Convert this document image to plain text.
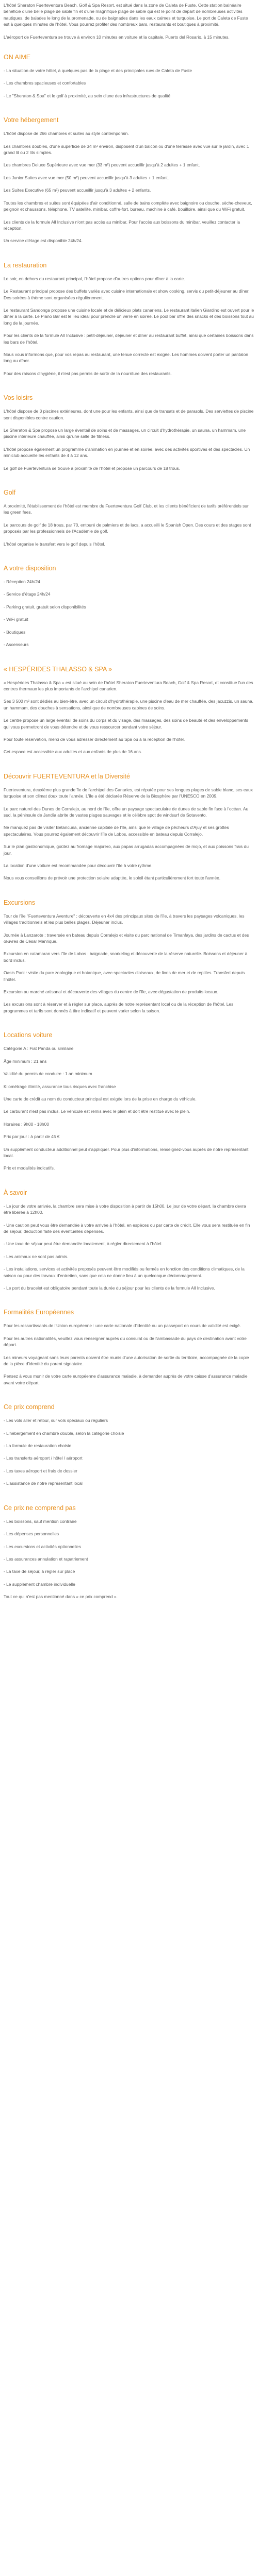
L'hôtel Sheraton Fuerteventura Beach, Golf & Spa Resort, est situé dans la zone de Caleta de Fuste. Cette station balnéaire bénéficie d'une belle plage de sable fin et d'une magnifique plage de sable qui est le point de départ de nombreuses activités nautiques, de balades le long de la promenade, ou de baignades dans les eaux calmes et turquoise. Le port de Caleta de Fuste est à quelques minutes de l'hôtel. Vous pourrez profiter des nombreux bars, restaurants et boutiques à proximité.

L'aéroport de Fuerteventura se trouve à environ 10 minutes en voiture et la capitale, Puerto del Rosario, à 15 minutes.

ON AIME

- La situation de votre hôtel, à quelques pas de la plage et des principales rues de Caleta de Fuste

- Les chambres spacieuses et confortables

- Le "Sheraton & Spa" et le golf à proximité, au sein d'une des infrastructures de qualité

Votre hébergement

L'hôtel dispose de 266 chambres et suites au style contemporain.

Les chambres doubles, d'une superficie de 34 m² environ, disposent d'un balcon ou d'une terrasse avec vue sur le jardin, avec 1 grand lit ou 2 lits simples.

Les chambres Deluxe Supérieure avec vue mer (33 m²) peuvent accueillir jusqu'à 2 adultes + 1 enfant.

Les Junior Suites avec vue mer (50 m²) peuvent accueillir jusqu'à 3 adultes + 1 enfant.

Les Suites Executive (65 m²) peuvent accueillir jusqu'à 3 adultes + 2 enfants.

Toutes les chambres et suites sont équipées d'air conditionné, salle de bains complète avec baignoire ou douche, sèche-cheveux, peignoir et chaussons, téléphone, TV satellite, minibar, coffre-fort, bureau, machine à café, bouilloire, ainsi que du WiFi gratuit.

Les clients de la formule All Inclusive n'ont pas accès au minibar. Pour l'accès aux boissons du minibar, veuillez contacter la réception.

Un service d'étage est disponible 24h/24.

La restauration

Le soir, en dehors du restaurant principal, l'hôtel propose d'autres options pour dîner à la carte.

Le Restaurant principal propose des buffets variés avec cuisine internationale et show cooking, servis du petit-déjeuner au dîner. Des soirées à thème sont organisées régulièrement.

Le restaurant Sandonga propose une cuisine locale et de délicieux plats canariens. Le restaurant italien Giardino est ouvert pour le dîner à la carte. Le Piano Bar est le lieu idéal pour prendre un verre en soirée. Le pool bar offre des snacks et des boissons tout au long de la journée.

Pour les clients de la formule All Inclusive : petit-déjeuner, déjeuner et dîner au restaurant buffet, ainsi que certaines boissons dans les bars de l'hôtel.

Nous vous informons que, pour vos repas au restaurant, une tenue correcte est exigée. Les hommes doivent porter un pantalon long au dîner.

Pour des raisons d'hygiène, il n'est pas permis de sortir de la nourriture des restaurants.

Vos loisirs

L'hôtel dispose de 3 piscines extérieures, dont une pour les enfants, ainsi que de transats et de parasols. Des serviettes de piscine sont disponibles contre caution.

Le Sheraton & Spa propose un large éventail de soins et de massages, un circuit d'hydrothérapie, un sauna, un hammam, une piscine intérieure chauffée, ainsi qu'une salle de fitness.

L'hôtel propose également un programme d'animation en journée et en soirée, avec des activités sportives et des spectacles. Un miniclub accueille les enfants de 4 à 12 ans.

Le golf de Fuerteventura se trouve à proximité de l'hôtel et propose un parcours de 18 trous.

Golf

A proximité, l'établissement de l'hôtel est membre du Fuerteventura Golf Club, et les clients bénéficient de tarifs préférentiels sur les green fees.

Le parcours de golf de 18 trous, par 70, entouré de palmiers et de lacs, a accueilli le Spanish Open. Des cours et des stages sont proposés par les professionnels de l'Académie de golf.

L'hôtel organise le transfert vers le golf depuis l'hôtel.

A votre disposition

- Réception 24h/24

- Service d'étage 24h/24

- Parking gratuit, gratuit selon disponibilités

- WiFi gratuit

- Boutiques

- Ascenseurs

« HESPÉRIDES THALASSO & SPA »

« Hespérides Thalasso & Spa » est situé au sein de l'hôtel Sheraton Fuerteventura Beach, Golf & Spa Resort, et constitue l'un des centres thermaux les plus importants de l'archipel canarien.

Ses 3 500 m² sont dédiés au bien-être, avec un circuit d'hydrothérapie, une piscine d'eau de mer chauffée, des jacuzzis, un sauna, un hammam, des douches à sensations, ainsi que de nombreuses cabines de soins.

Le centre propose un large éventail de soins du corps et du visage, des massages, des soins de beauté et des enveloppements qui vous permettront de vous détendre et de vous ressourcer pendant votre séjour.

Pour toute réservation, merci de vous adresser directement au Spa ou à la réception de l'hôtel.

Cet espace est accessible aux adultes et aux enfants de plus de 16 ans.

Découvrir FUERTEVENTURA et la Diversité

Fuerteventura, deuxième plus grande île de l'archipel des Canaries, est réputée pour ses longues plages de sable blanc, ses eaux turquoise et son climat doux toute l'année. L'île a été déclarée Réserve de la Biosphère par l'UNESCO en 2009.

Le parc naturel des Dunes de Corralejo, au nord de l'île, offre un paysage spectaculaire de dunes de sable fin face à l'océan. Au sud, la péninsule de Jandía abrite de vastes plages sauvages et le célèbre spot de windsurf de Sotavento.

Ne manquez pas de visiter Betancuria, ancienne capitale de l'île, ainsi que le village de pêcheurs d'Ajuy et ses grottes spectaculaires. Vous pourrez également découvrir l'île de Lobos, accessible en bateau depuis Corralejo.

Sur le plan gastronomique, goûtez au fromage majorero, aux papas arrugadas accompagnées de mojo, et aux poissons frais du jour.

La location d'une voiture est recommandée pour découvrir l'île à votre rythme.

Nous vous conseillons de prévoir une protection solaire adaptée, le soleil étant particulièrement fort toute l'année.

Excursions

Tour de l'île "Fuerteventura Aventure" : découverte en 4x4 des principaux sites de l'île, à travers les paysages volcaniques, les villages traditionnels et les plus belles plages. Déjeuner inclus.

Journée à Lanzarote : traversée en bateau depuis Corralejo et visite du parc national de Timanfaya, des jardins de cactus et des œuvres de César Manrique.

Excursion en catamaran vers l'île de Lobos : baignade, snorkeling et découverte de la réserve naturelle. Boissons et déjeuner à bord inclus.

Oasis Park : visite du parc zoologique et botanique, avec spectacles d'oiseaux, de lions de mer et de reptiles. Transfert depuis l'hôtel.

Excursion au marché artisanal et découverte des villages du centre de l'île, avec dégustation de produits locaux.

Les excursions sont à réserver et à régler sur place, auprès de notre représentant local ou de la réception de l'hôtel. Les programmes et tarifs sont donnés à titre indicatif et peuvent varier selon la saison.

Locations voiture

Catégorie A : Fiat Panda ou similaire

Âge minimum : 21 ans

Validité du permis de conduire : 1 an minimum

Kilométrage illimité, assurance tous risques avec franchise

Une carte de crédit au nom du conducteur principal est exigée lors de la prise en charge du véhicule.

Le carburant n'est pas inclus. Le véhicule est remis avec le plein et doit être restitué avec le plein.

Horaires : 9h00 - 18h00

Prix par jour : à partir de 45 €

Un supplément conducteur additionnel peut s'appliquer. Pour plus d'informations, renseignez-vous auprès de notre représentant local.

Prix et modalités indicatifs.

À savoir

- Le jour de votre arrivée, la chambre sera mise à votre disposition à partir de 15h00. Le jour de votre départ, la chambre devra être libérée à 12h00.

- Une caution peut vous être demandée à votre arrivée à l'hôtel, en espèces ou par carte de crédit. Elle vous sera restituée en fin de séjour, déduction faite des éventuelles dépenses.

- Une taxe de séjour peut être demandée localement, à régler directement à l'hôtel.

- Les animaux ne sont pas admis.

- Les installations, services et activités proposés peuvent être modifiés ou fermés en fonction des conditions climatiques, de la saison ou pour des travaux d'entretien, sans que cela ne donne lieu à un quelconque dédommagement.

- Le port du bracelet est obligatoire pendant toute la durée du séjour pour les clients de la formule All Inclusive.

Formalités Européennes

Pour les ressortissants de l'Union européenne : une carte nationale d'identité ou un passeport en cours de validité est exigé.

Pour les autres nationalités, veuillez vous renseigner auprès du consulat ou de l'ambassade du pays de destination avant votre départ.

Les mineurs voyageant sans leurs parents doivent être munis d'une autorisation de sortie du territoire, accompagnée de la copie de la pièce d'identité du parent signataire.

Pensez à vous munir de votre carte européenne d'assurance maladie, à demander auprès de votre caisse d'assurance maladie avant votre départ.

Ce prix comprend

- Les vols aller et retour, sur vols spéciaux ou réguliers

- L'hébergement en chambre double, selon la catégorie choisie

- La formule de restauration choisie

- Les transferts aéroport / hôtel / aéroport

- Les taxes aéroport et frais de dossier

- L'assistance de notre représentant local

Ce prix ne comprend pas

- Les boissons, sauf mention contraire

- Les dépenses personnelles

- Les excursions et activités optionnelles

- Les assurances annulation et rapatriement

- La taxe de séjour, à régler sur place

- Le supplément chambre individuelle

Tout ce qui n'est pas mentionné dans « ce prix comprend ».
